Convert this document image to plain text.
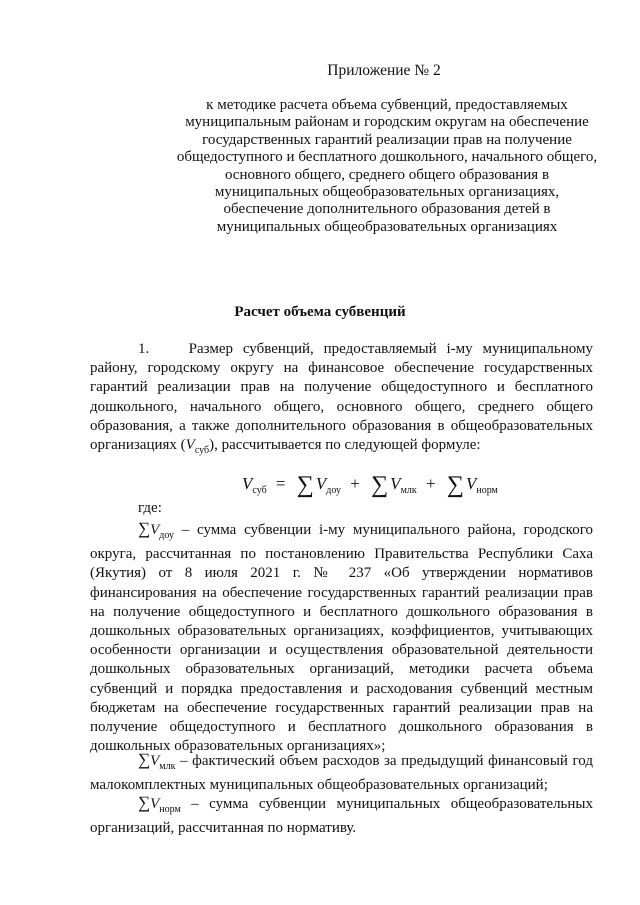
Приложение № 2
к методике расчета объема субвенций, предоставляемых муниципальным районам и городским округам на обеспечение государственных гарантий реализации прав на получение общедоступного и бесплатного дошкольного, начального общего, основного общего, среднего общего образования в муниципальных общеобразовательных организациях, обеспечение дополнительного образования детей в муниципальных общеобразовательных организациях
Расчет объема субвенций
1.    Размер субвенций, предоставляемый i-му муниципальному району, городскому округу на финансовое обеспечение государственных гарантий реализации прав на получение общедоступного и бесплатного дошкольного, начального общего, основного общего, среднего общего образования, а также дополнительного образования в общеобразовательных организациях $(V_{суб})$, рассчитывается по следующей формуле:
$V_{суб}$ = ∑ $V_{доу}$ + ∑ $V_{млк}$ + ∑ $V_{норм}$
где:
$\sum V_{доу}$ – сумма субвенции i-му муниципального района, городского округа, рассчитанная по постановлению Правительства Республики Саха (Якутия) от 8 июля 2021 г. № 237 «Об утверждении нормативов финансирования на обеспечение государственных гарантий реализации прав на получение общедоступного и бесплатного дошкольного образования в дошкольных образовательных организациях, коэффициентов, учитывающих особенности организации и осуществления образовательной деятельности дошкольных образовательных организаций, методики расчета объема субвенций и порядка предоставления и расходования субвенций местным бюджетам на обеспечение государственных гарантий реализации прав на получение общедоступного и бесплатного дошкольного образования в дошкольных образовательных организациях»;
$\sum V_{млк}$ – фактический объем расходов за предыдущий финансовый год малокомплектных муниципальных общеобразовательных организаций;
$\sum V_{норм}$ – сумма субвенции муниципальных общеобразовательных организаций, рассчитанная по нормативу.
